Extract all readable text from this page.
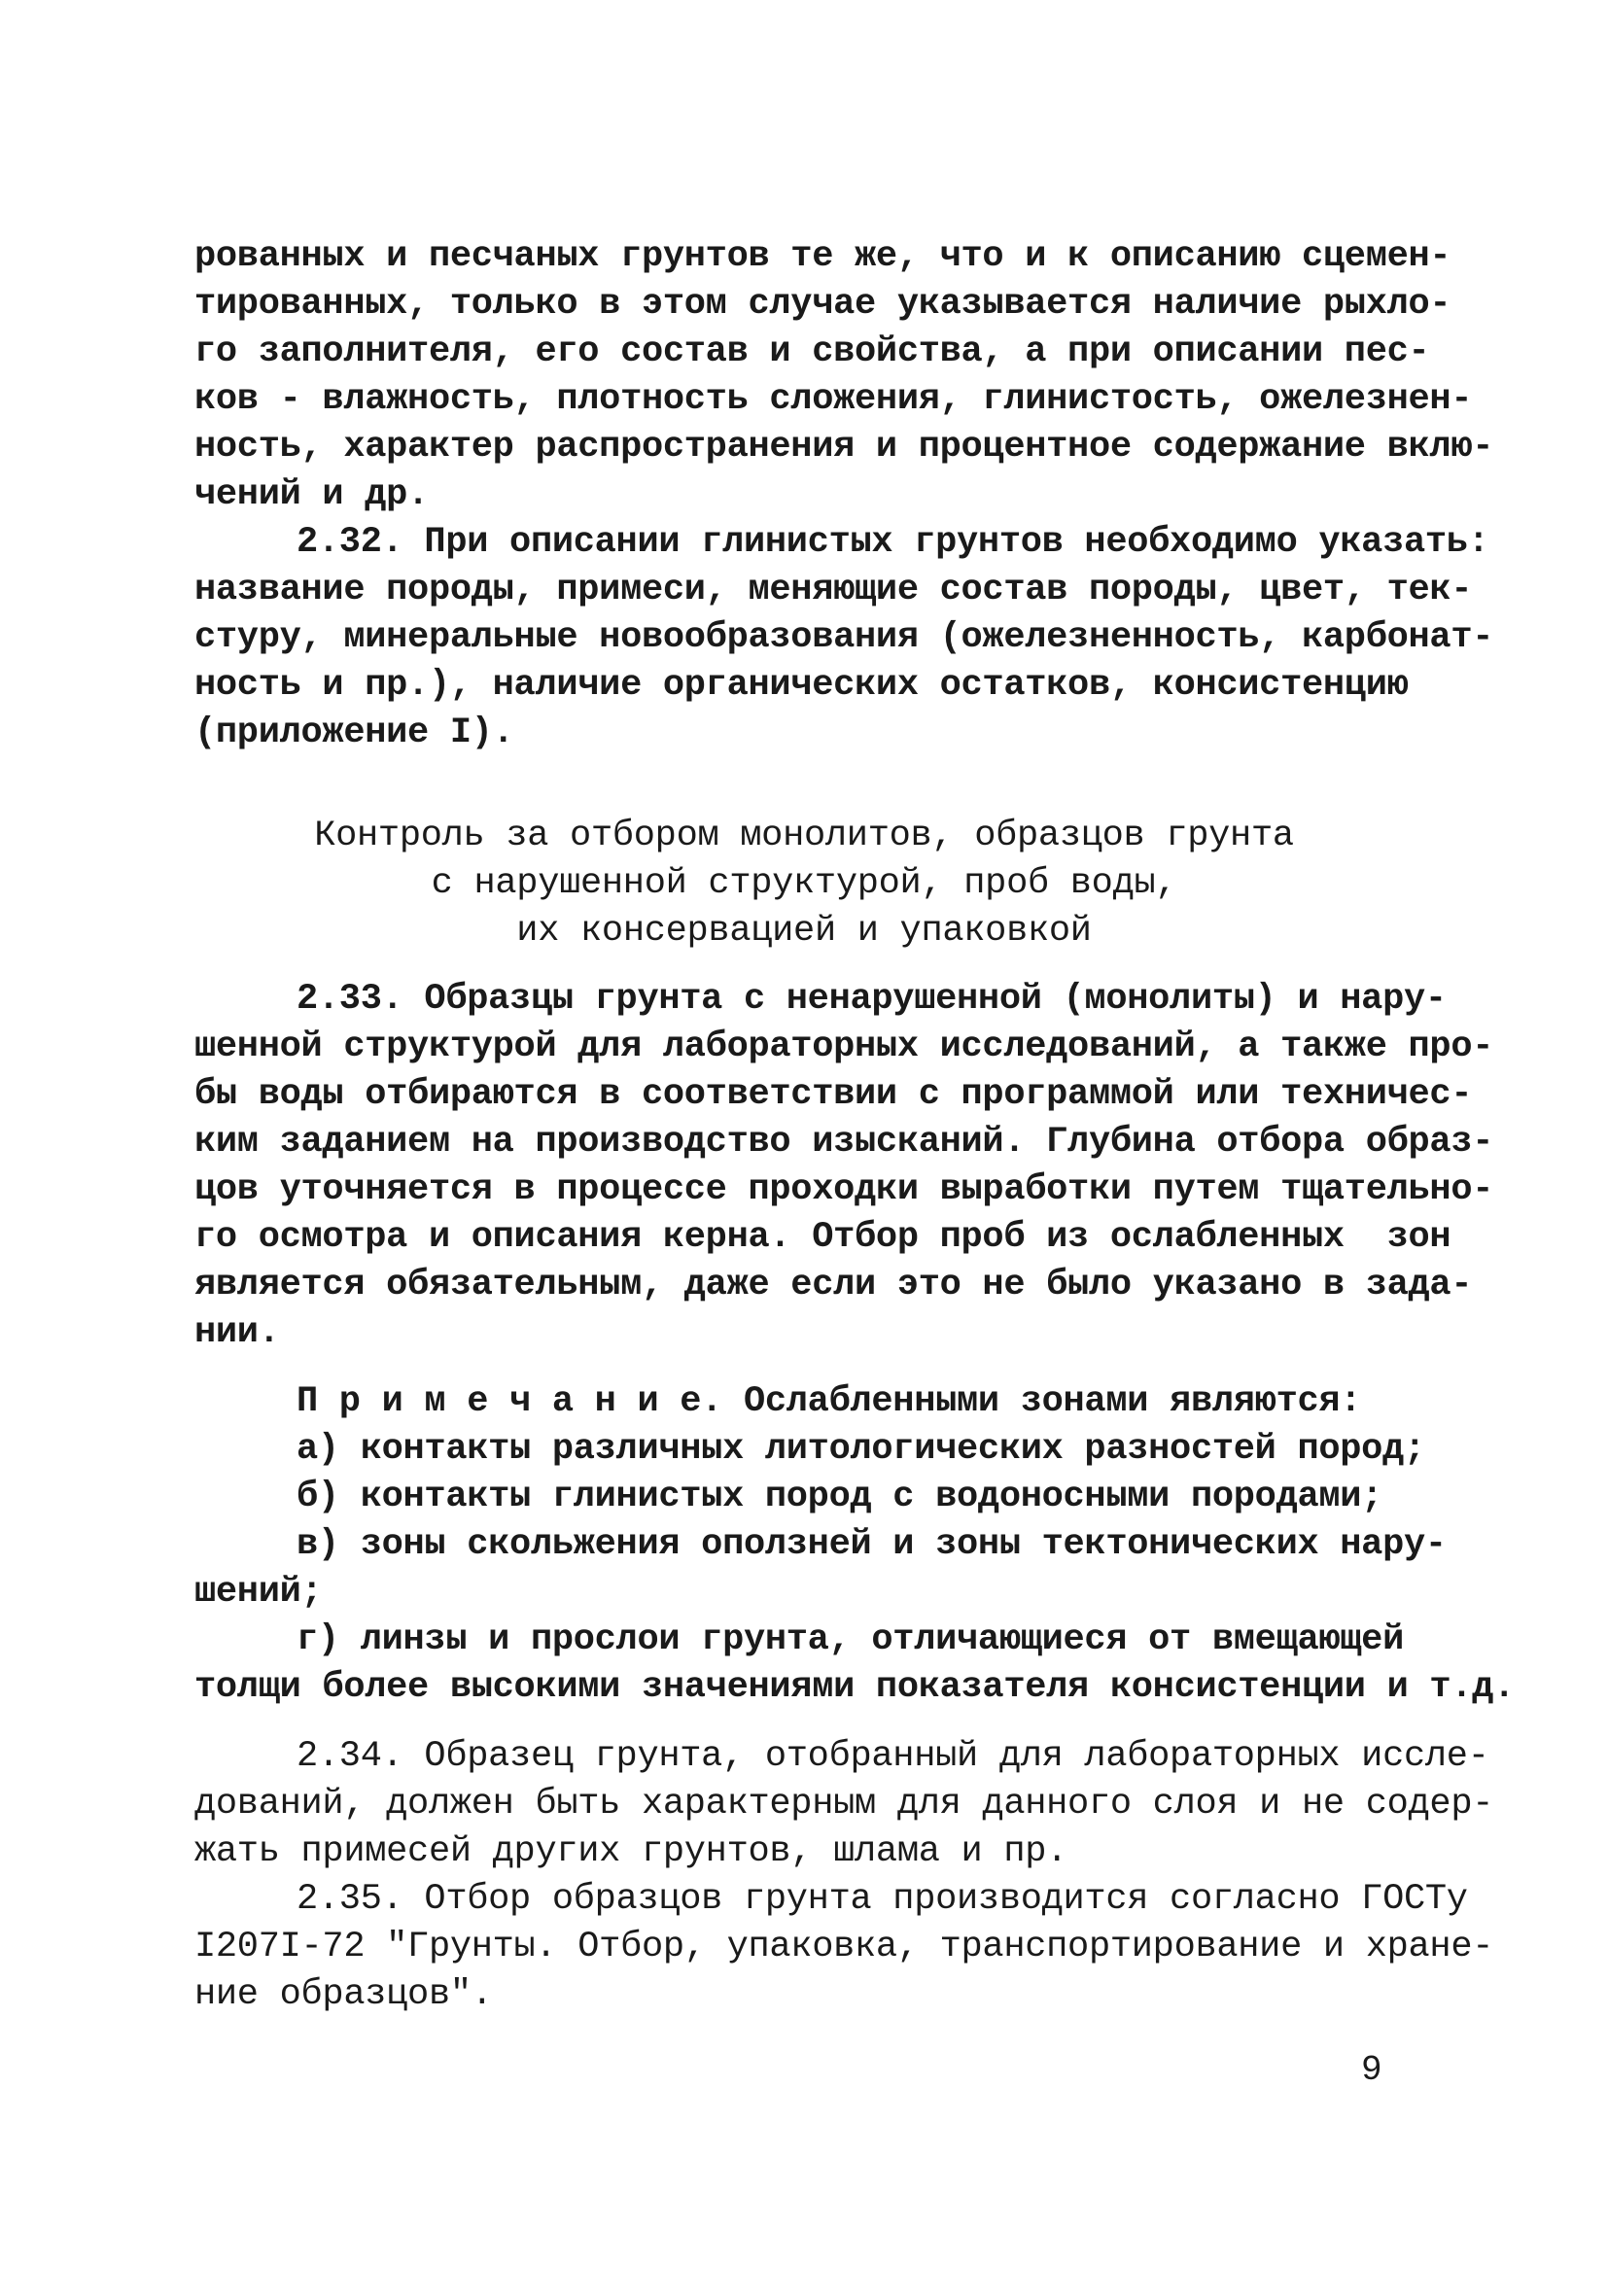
рованных и песчаных грунтов те же, что и к описанию сцемен-
тированных, только в этом случае указывается наличие рыхло-
го заполнителя, его состав и свойства, а при описании пес-
ков - влажность, плотность сложения, глинистость, ожелезнен-
ность, характер распространения и процентное содержание вклю-
чений и др.
2.32. При описании глинистых грунтов необходимо указать:
название породы, примеси, меняющие состав породы, цвет, тек-
стуру, минеральные новообразования (ожелезненность, карбонат-
ность и пр.), наличие органических остатков, консистенцию
(приложение I).
Контроль за отбором монолитов, образцов грунта
с нарушенной структурой, проб воды,
их консервацией и упаковкой
2.33. Образцы грунта с ненарушенной (монолиты) и нару-
шенной структурой для лабораторных исследований, а также про-
бы воды отбираются в соответствии с программой или техничес-
ким заданием на производство изысканий. Глубина отбора образ-
цов уточняется в процессе проходки выработки путем тщательно-
го осмотра и описания керна. Отбор проб из ослабленных  зон
является обязательным, даже если это не было указано в зада-
нии.
П р и м е ч а н и е. Ослабленными зонами являются:
а) контакты различных литологических разностей пород;
б) контакты глинистых пород с водоносными породами;
в) зоны скольжения оползней и зоны тектонических нару-
шений;
г) линзы и прослои грунта, отличающиеся от вмещающей
толщи более высокими значениями показателя консистенции и т.д.
2.34. Образец грунта, отобранный для лабораторных иссле-
дований, должен быть характерным для данного слоя и не содер-
жать примесей других грунтов, шлама и пр.
2.35. Отбор образцов грунта производится согласно ГОСТу
I207I-72 "Грунты. Отбор, упаковка, транспортирование и хране-
ние образцов".
9
